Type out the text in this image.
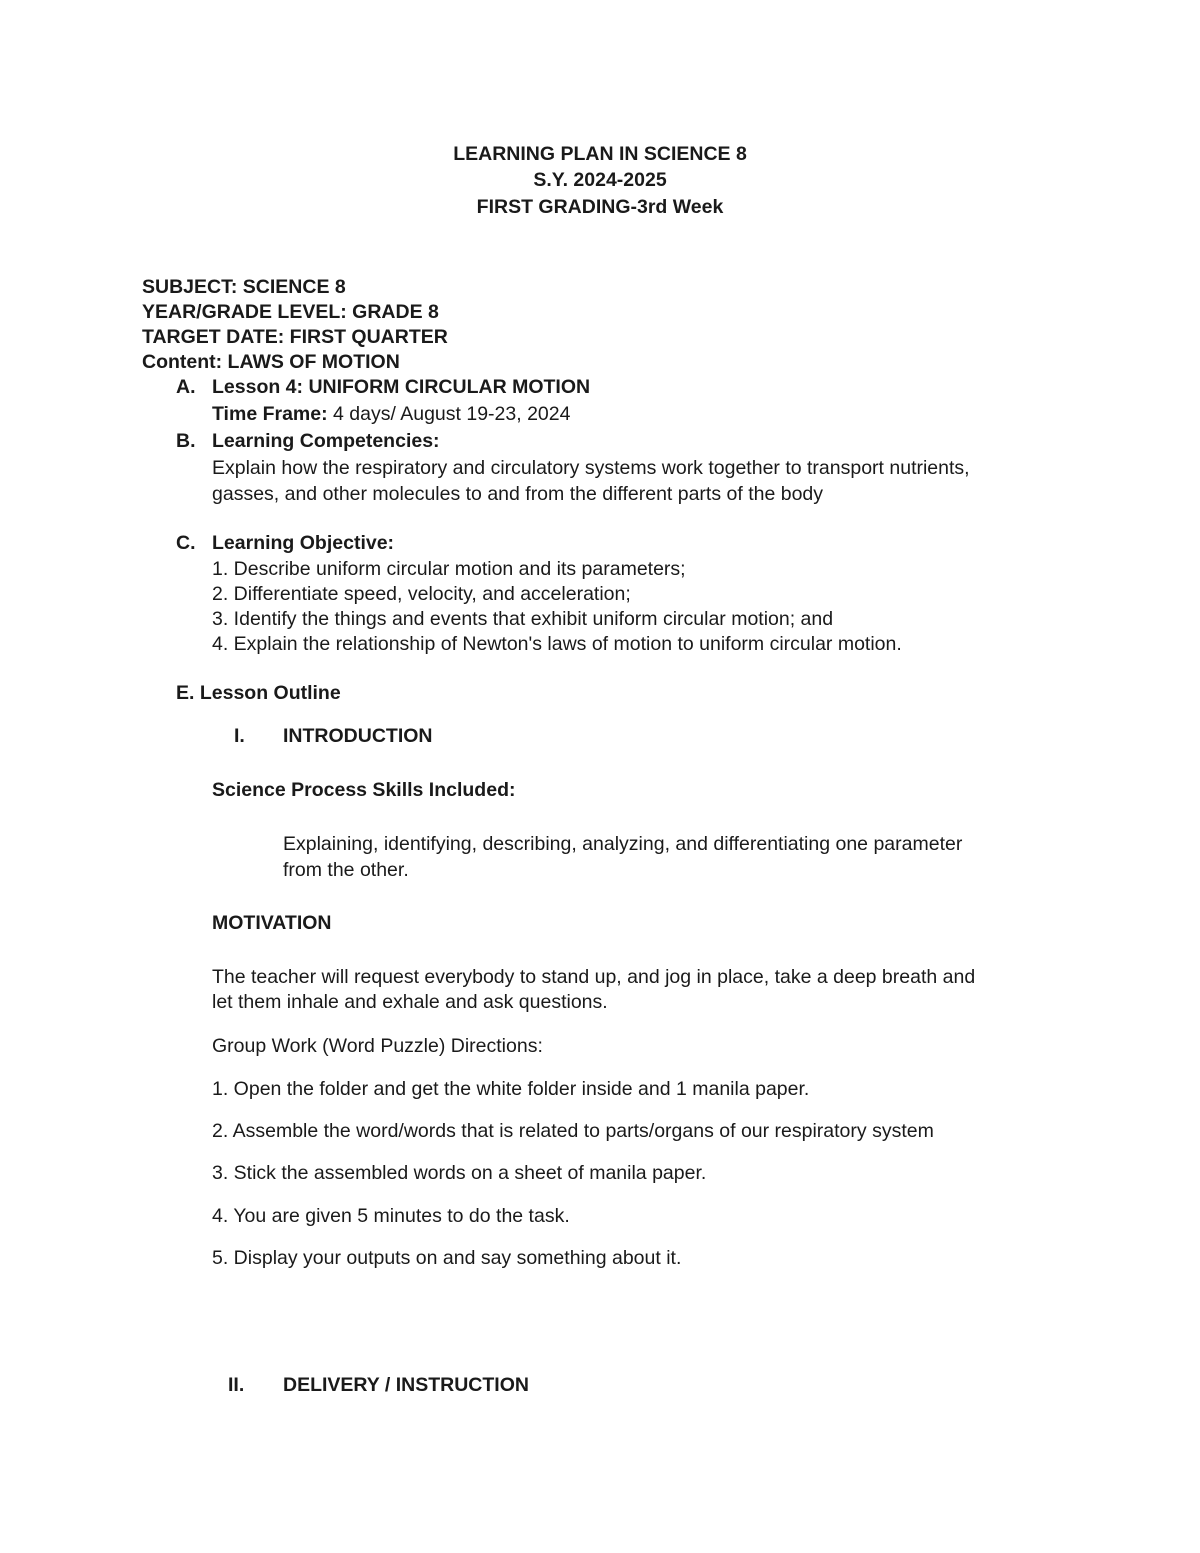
LEARNING PLAN IN SCIENCE 8
S.Y. 2024-2025
FIRST GRADING-3rd Week
SUBJECT: SCIENCE 8
YEAR/GRADE LEVEL: GRADE 8
TARGET DATE: FIRST QUARTER
Content: LAWS OF MOTION
A. Lesson 4: UNIFORM CIRCULAR MOTION
Time Frame: 4 days/ August 19-23, 2024
B. Learning Competencies:
Explain how the respiratory and circulatory systems work together to transport nutrients,
gasses, and other molecules to and from the different parts of the body
C. Learning Objective:
1. Describe uniform circular motion and its parameters;
2. Differentiate speed, velocity, and acceleration;
3. Identify the things and events that exhibit uniform circular motion; and
4. Explain the relationship of Newton's laws of motion to uniform circular motion.
E. Lesson Outline
I. INTRODUCTION
Science Process Skills Included:
Explaining, identifying, describing, analyzing, and differentiating one parameter
from the other.
MOTIVATION
The teacher will request everybody to stand up, and jog in place, take a deep breath and
let them inhale and exhale and ask questions.
Group Work (Word Puzzle) Directions:
1. Open the folder and get the white folder inside and 1 manila paper.
2. Assemble the word/words that is related to parts/organs of our respiratory system
3. Stick the assembled words on a sheet of manila paper.
4. You are given 5 minutes to do the task.
5. Display your outputs on and say something about it.
II. DELIVERY / INSTRUCTION
